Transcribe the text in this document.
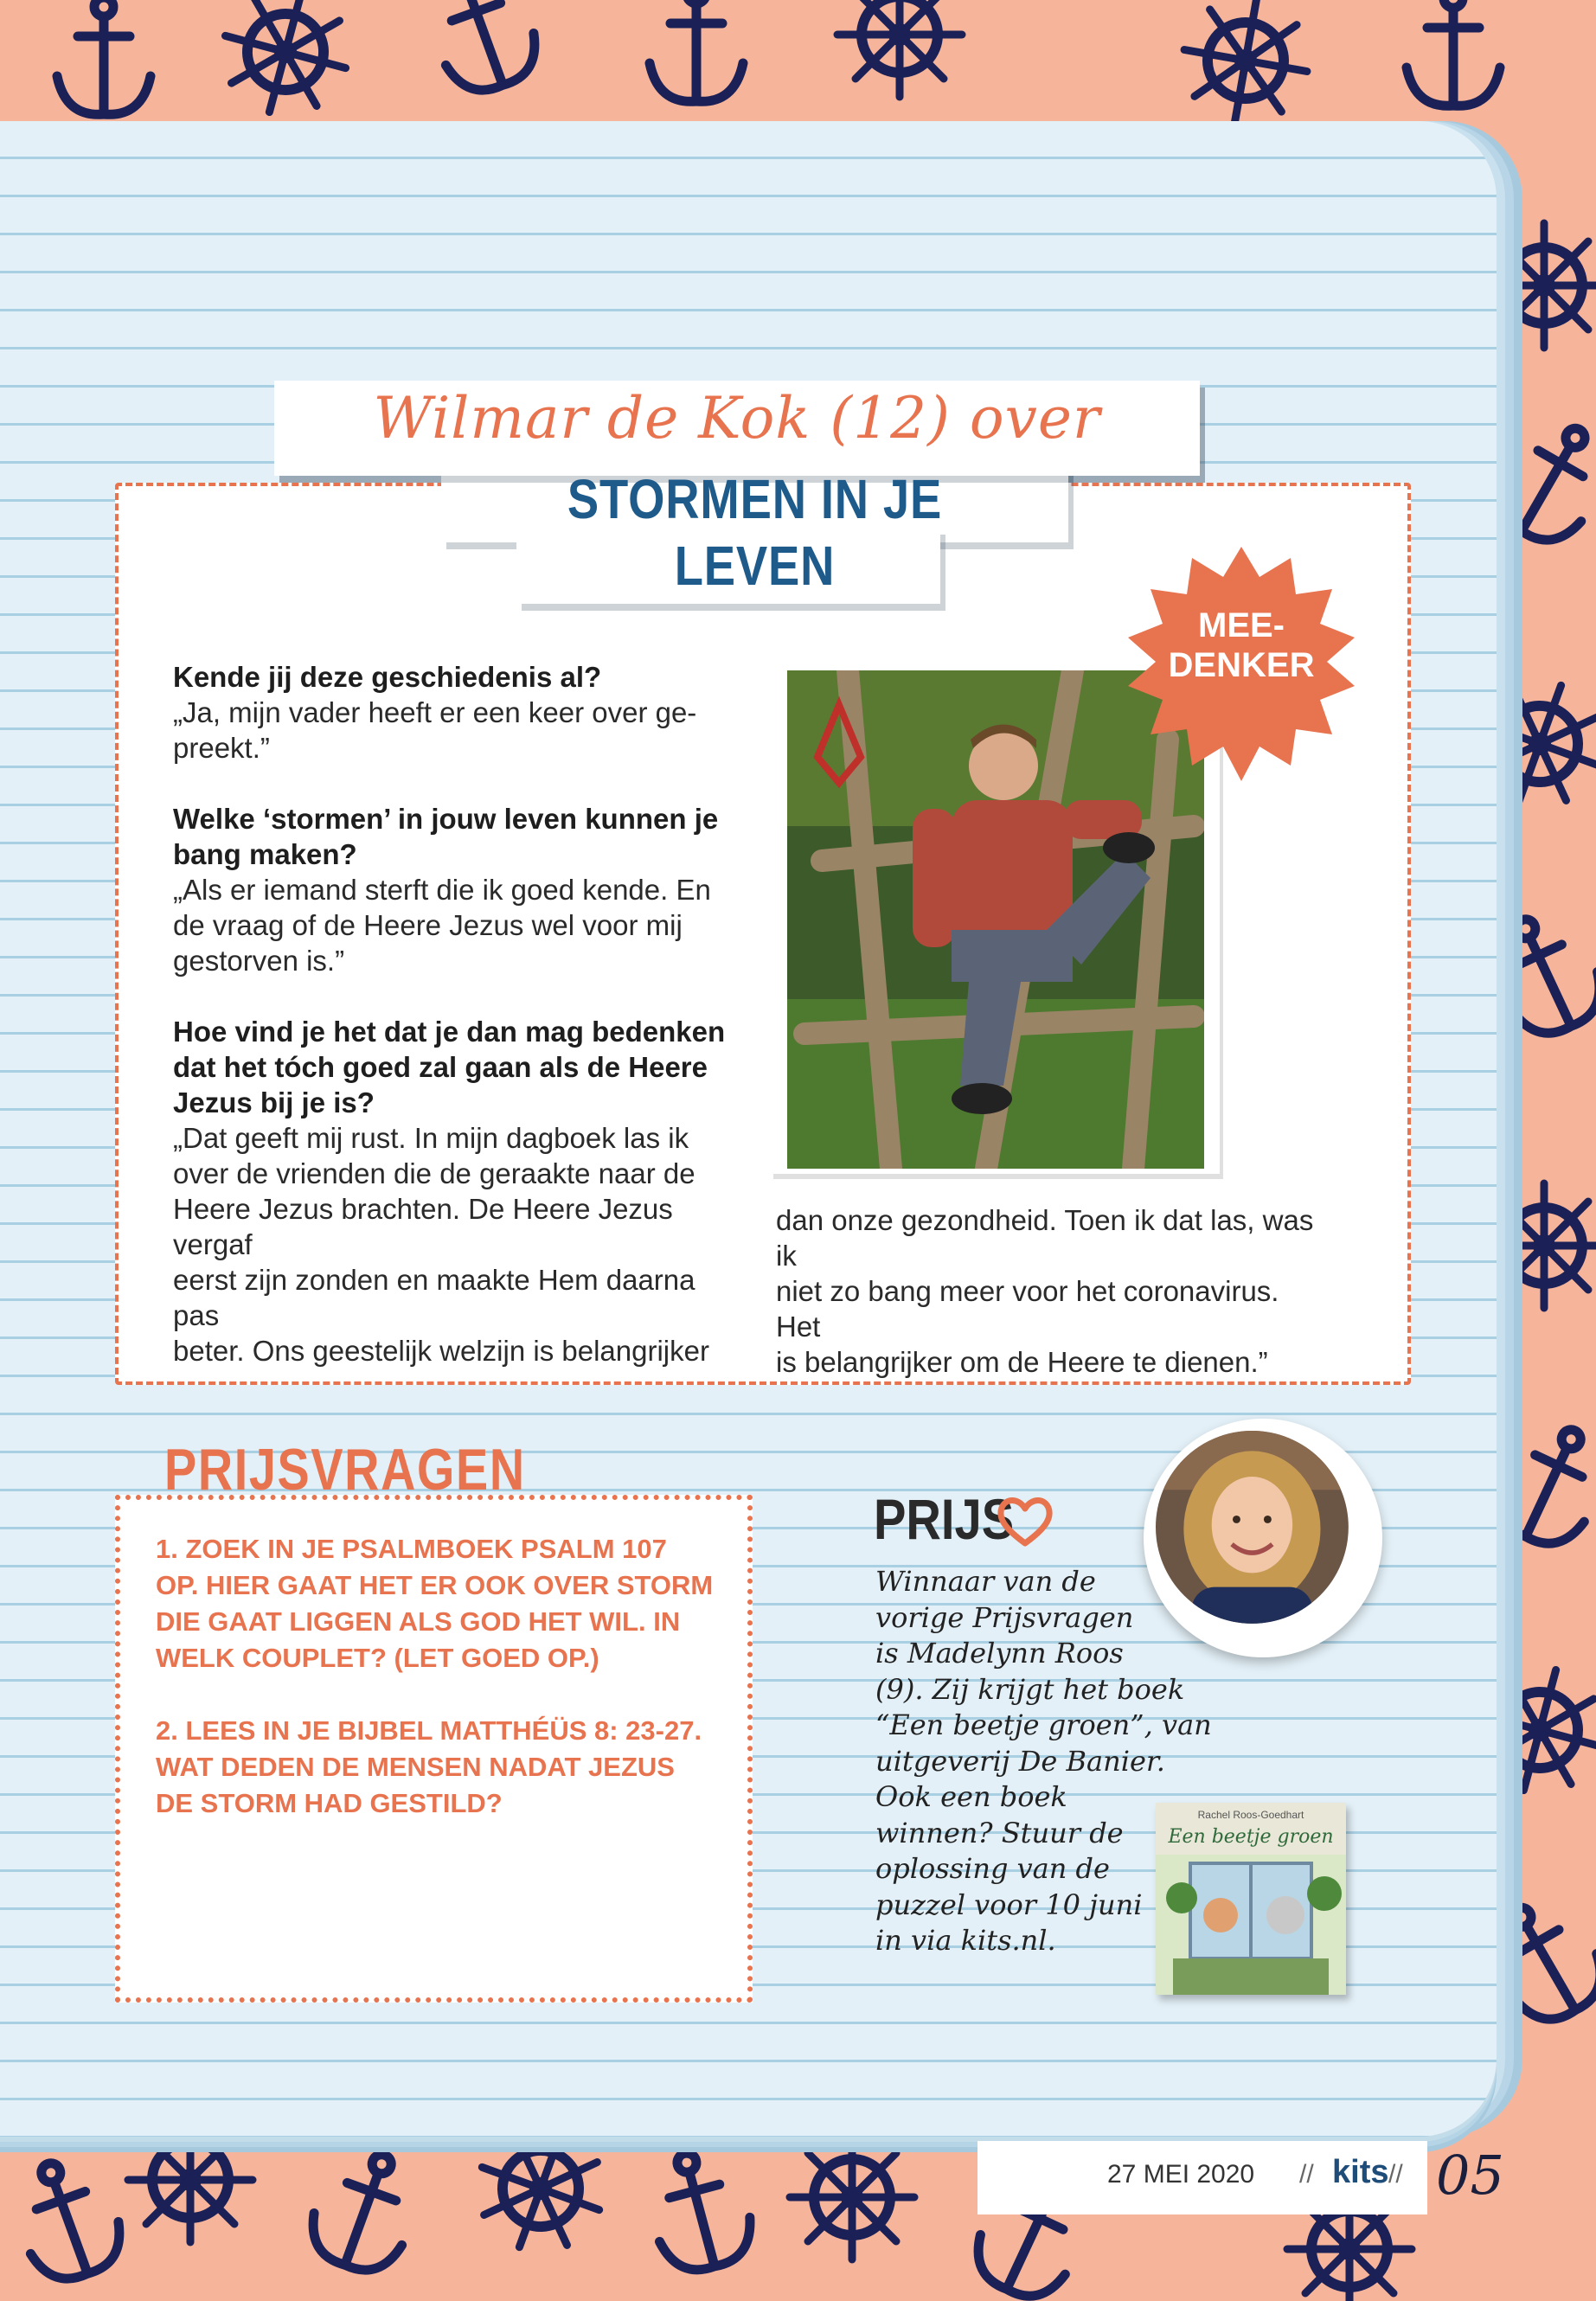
Wilmar de Kok (12) over
STORMEN IN JE
LEVEN
Kende jij deze geschiedenis al?
„Ja, mijn vader heeft er een keer over ge-
preekt.”
Welke ‘stormen’ in jouw leven kunnen je
bang maken?
„Als er iemand sterft die ik goed kende. En
de vraag of de Heere Jezus wel voor mij
gestorven is.”
Hoe vind je het dat je dan mag bedenken
dat het tóch goed zal gaan als de Heere
Jezus bij je is?
„Dat geeft mij rust. In mijn dagboek las ik
over de vrienden die de geraakte naar de
Heere Jezus brachten. De Heere Jezus vergaf
eerst zijn zonden en maakte Hem daarna pas
beter. Ons geestelijk welzijn is belangrijker
dan onze gezondheid. Toen ik dat las, was ik
niet zo bang meer voor het coronavirus. Het
is belangrijker om de Heere te dienen.”
MEE-
DENKER
PRIJSVRAGEN
1. ZOEK IN JE PSALMBOEK PSALM 107
OP. HIER GAAT HET ER OOK OVER STORM
DIE GAAT LIGGEN ALS GOD HET WIL. IN
WELK COUPLET? (LET GOED OP.)
2. LEES IN JE BIJBEL MATTHÉÜS 8: 23-27.
WAT DEDEN DE MENSEN NADAT JEZUS
DE STORM HAD GESTILD?
PRIJS
Winnaar van de
vorige Prijsvragen
is Madelynn Roos
(9). Zij krijgt het boek
“Een beetje groen”, van
uitgeverij De Banier.
Ook een boek
winnen? Stuur de
oplossing van de
puzzel voor 10 juni
in via kits.nl.
Rachel Roos-Goedhart
Een beetje groen
27 MEI 2020 // kits // 05
